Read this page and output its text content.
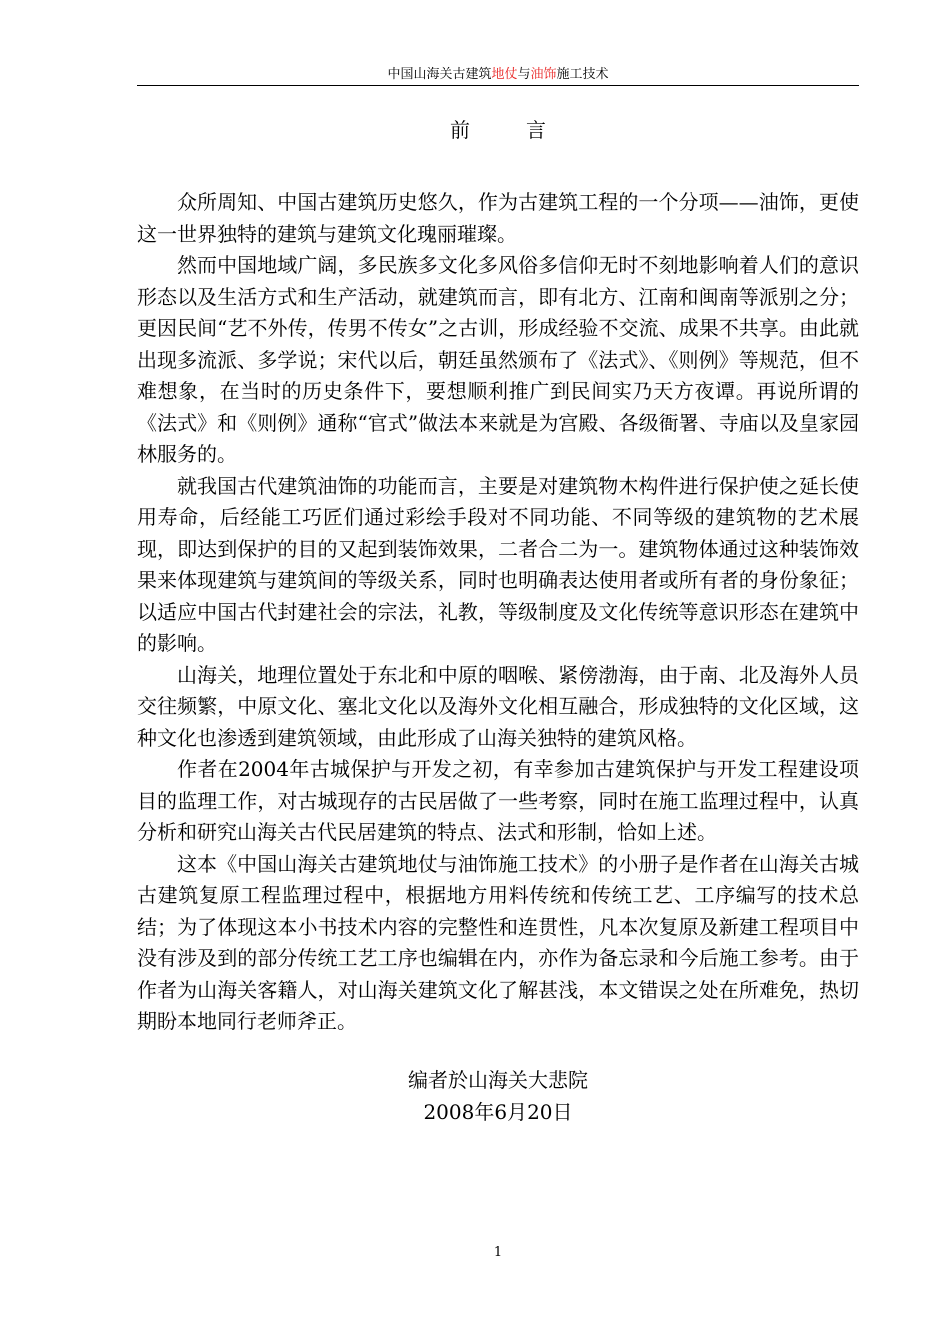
中国山海关古建筑地仗与油饰施工技术
前	言

众所周知、中国古建筑历史悠久，作为古建筑工程的一个分项——油饰，更使这一世界独特的建筑与建筑文化瑰丽璀璨。

然而中国地域广阔，多民族多文化多风俗多信仰无时不刻地影响着人们的意识形态以及生活方式和生产活动，就建筑而言，即有北方、江南和闽南等派别之分；更因民间“艺不外传，传男不传女”之古训，形成经验不交流、成果不共享。由此就出现多流派、多学说；宋代以后，朝廷虽然颁布了《法式》、《则例》等规范，但不难想象，在当时的历史条件下，要想顺利推广到民间实乃天方夜谭。再说所谓的《法式》和《则例》通称“官式”做法本来就是为宫殿、各级衙署、寺庙以及皇家园林服务的。

就我国古代建筑油饰的功能而言，主要是对建筑物木构件进行保护使之延长使用寿命，后经能工巧匠们通过彩绘手段对不同功能、不同等级的建筑物的艺术展现，即达到保护的目的又起到装饰效果，二者合二为一。建筑物体通过这种装饰效果来体现建筑与建筑间的等级关系，同时也明确表达使用者或所有者的身份象征；以适应中国古代封建社会的宗法，礼教，等级制度及文化传统等意识形态在建筑中的影响。

山海关，地理位置处于东北和中原的咽喉、紧傍渤海，由于南、北及海外人员交往频繁，中原文化、塞北文化以及海外文化相互融合，形成独特的文化区域，这种文化也渗透到建筑领域，由此形成了山海关独特的建筑风格。

作者在2004年古城保护与开发之初，有幸参加古建筑保护与开发工程建设项目的监理工作，对古城现存的古民居做了一些考察，同时在施工监理过程中，认真分析和研究山海关古代民居建筑的特点、法式和形制，恰如上述。

这本《中国山海关古建筑地仗与油饰施工技术》的小册子是作者在山海关古城古建筑复原工程监理过程中，根据地方用料传统和传统工艺、工序编写的技术总结；为了体现这本小书技术内容的完整性和连贯性，凡本次复原及新建工程项目中没有涉及到的部分传统工艺工序也编辑在内，亦作为备忘录和今后施工参考。由于作者为山海关客籍人，对山海关建筑文化了解甚浅，本文错误之处在所难免，热切期盼本地同行老师斧正。

编者於山海关大悲院
2008年6月20日
1
